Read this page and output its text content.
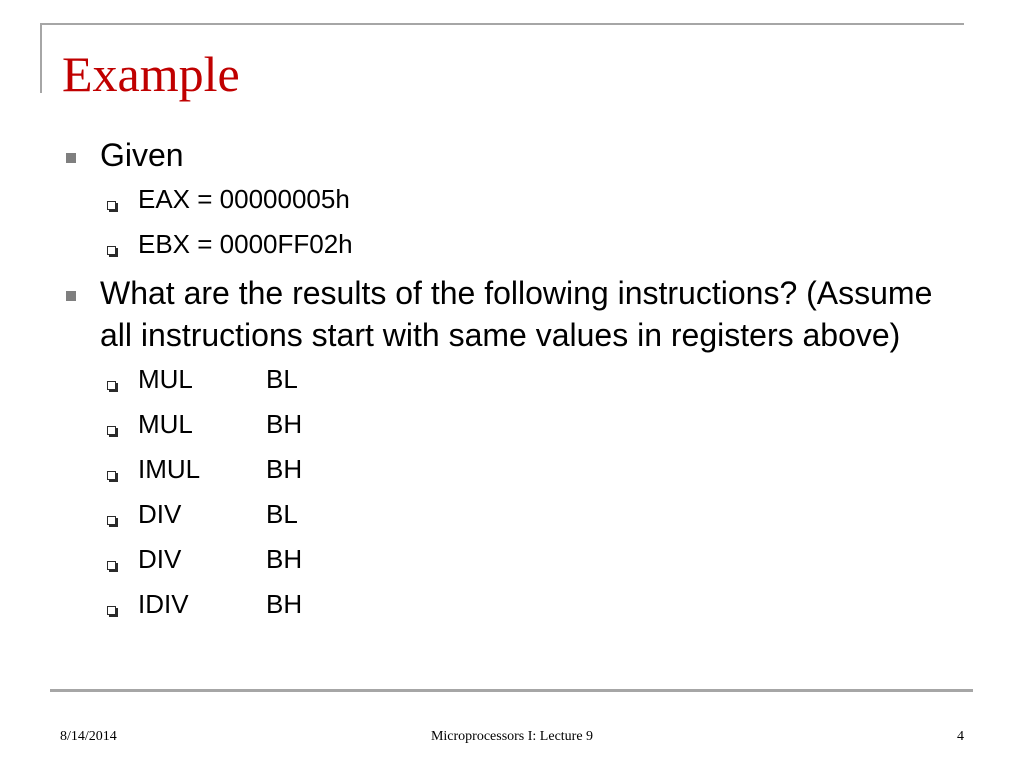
Example
Given
EAX = 00000005h
EBX = 0000FF02h
What are the results of the following instructions? (Assume all instructions start with same values in registers above)
MUL	BL
MUL	BH
IMUL	BH
DIV	BL
DIV	BH
IDIV	BH
8/14/2014	Microprocessors I: Lecture 9	4
